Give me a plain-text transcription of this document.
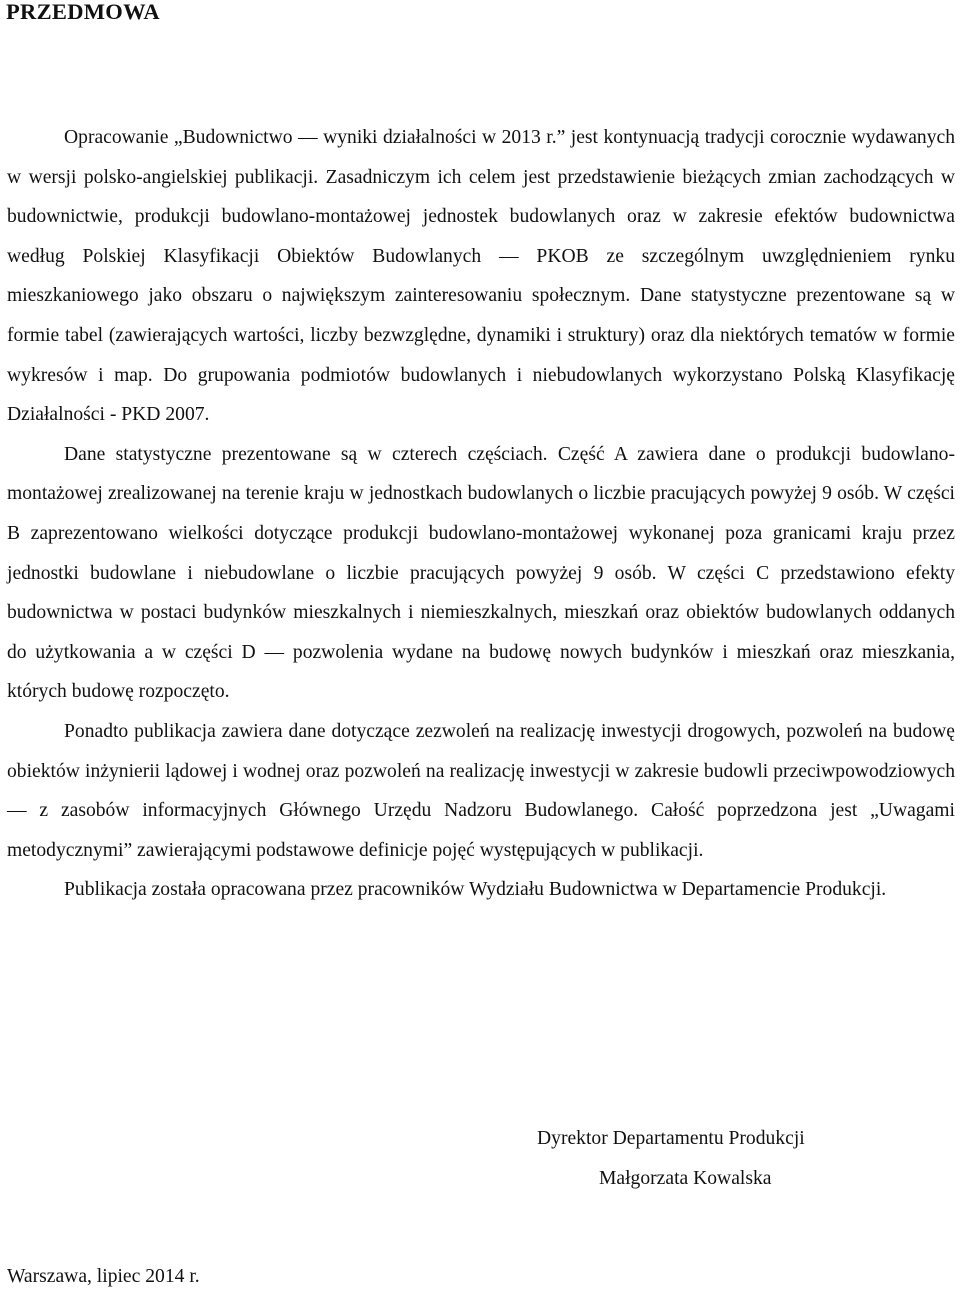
PRZEDMOWA

Opracowanie „Budownictwo — wyniki działalności w 2013 r.” jest kontynuacją tradycji corocznie wydawanych w wersji polsko-angielskiej publikacji. Zasadniczym ich celem jest przedstawienie bieżących zmian zachodzących w budownictwie, produkcji budowlano-montażowej jednostek budowlanych oraz w zakresie efektów budownictwa według Polskiej Klasyfikacji Obiektów Budowlanych — PKOB ze szczególnym uwzględnieniem rynku mieszkaniowego jako obszaru o największym zainteresowaniu społecznym. Dane statystyczne prezentowane są w formie tabel (zawierających wartości, liczby bezwzględne, dynamiki i struktury) oraz dla niektórych tematów w formie wykresów i map. Do grupowania podmiotów budowlanych i niebudowlanych wykorzystano Polską Klasyfikację Działalności - PKD 2007.

Dane statystyczne prezentowane są w czterech częściach. Część A zawiera dane o produkcji budowlano-montażowej zrealizowanej na terenie kraju w jednostkach budowlanych o liczbie pracujących powyżej 9 osób. W części B zaprezentowano wielkości dotyczące produkcji budowlano-montażowej wykonanej poza granicami kraju przez jednostki budowlane i niebudowlane o liczbie pracujących powyżej 9 osób. W części C przedstawiono efekty budownictwa w postaci budynków mieszkalnych i niemieszkalnych, mieszkań oraz obiektów budowlanych oddanych do użytkowania a w części D — pozwolenia wydane na budowę nowych budynków i mieszkań oraz mieszkania, których budowę rozpoczęto.

Ponadto publikacja zawiera dane dotyczące zezwoleń na realizację inwestycji drogowych, pozwoleń na budowę obiektów inżynierii lądowej i wodnej oraz pozwoleń na realizację inwestycji w zakresie budowli przeciwpowodziowych — z zasobów informacyjnych Głównego Urzędu Nadzoru Budowlanego. Całość poprzedzona jest „Uwagami metodycznymi” zawierającymi podstawowe definicje pojęć występujących w publikacji.

Publikacja została opracowana przez pracowników Wydziału Budownictwa w Departamencie Produkcji.

Dyrektor Departamentu Produkcji
Małgorzata Kowalska
Warszawa, lipiec 2014 r.
